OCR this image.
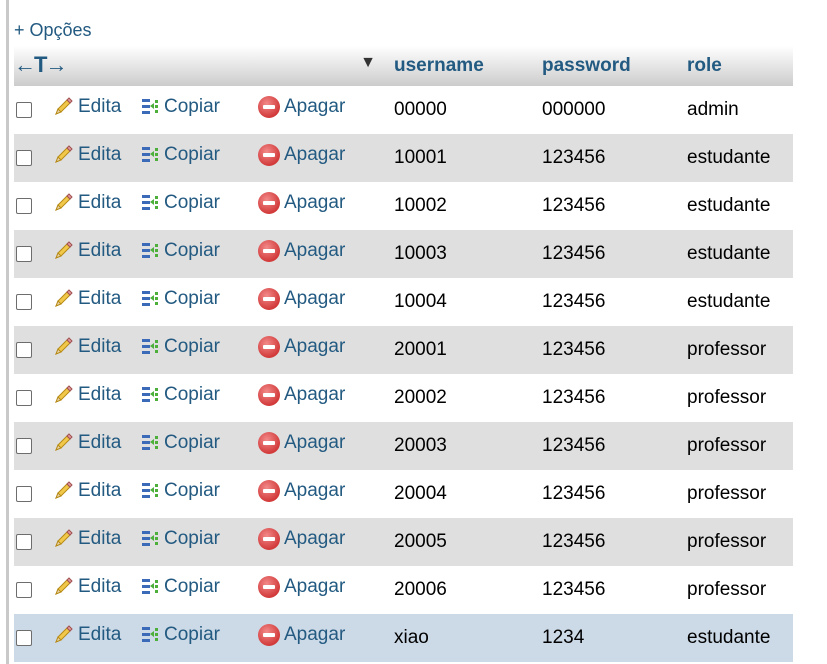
+ Opções
←T→ ▼				username	password	role

	Edita	Copiar	Apagar	00000	000000	admin

	Edita	Copiar	Apagar	10001	123456	estudante

	Edita	Copiar	Apagar	10002	123456	estudante

	Edita	Copiar	Apagar	10003	123456	estudante

	Edita	Copiar	Apagar	10004	123456	estudante

	Edita	Copiar	Apagar	20001	123456	professor

	Edita	Copiar	Apagar	20002	123456	professor

	Edita	Copiar	Apagar	20003	123456	professor

	Edita	Copiar	Apagar	20004	123456	professor

	Edita	Copiar	Apagar	20005	123456	professor

	Edita	Copiar	Apagar	20006	123456	professor

	Edita	Copiar	Apagar	xiao	1234	estudante
